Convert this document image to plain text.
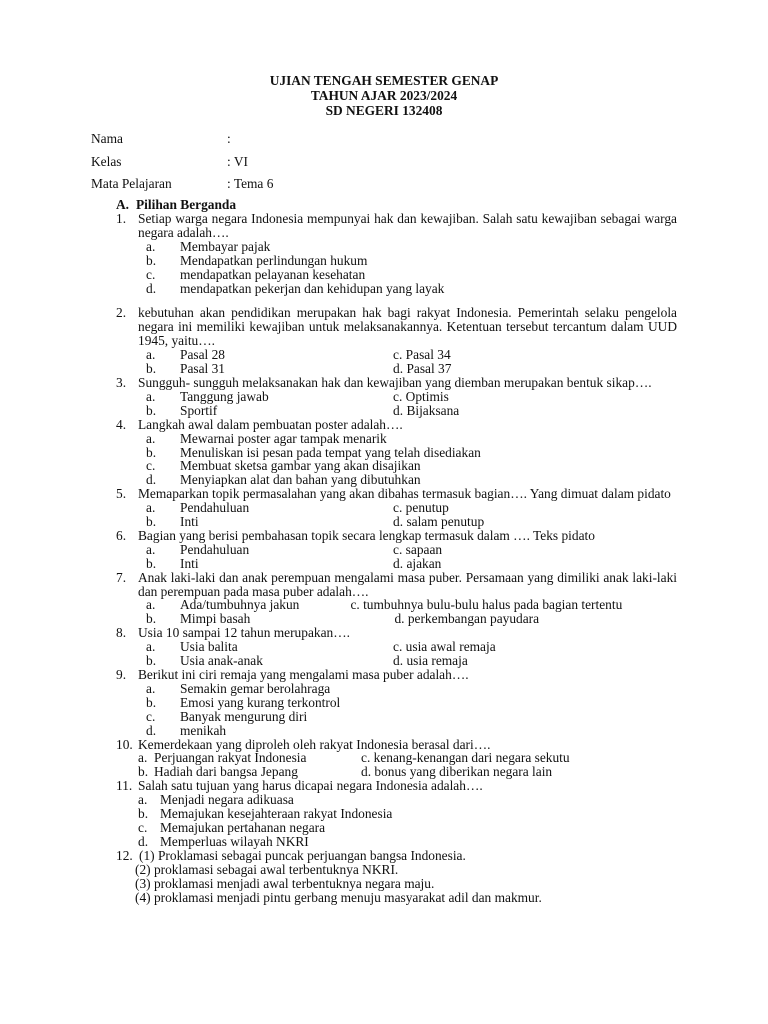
UJIAN TENGAH SEMESTER GENAP
TAHUN AJAR 2023/2024
SD NEGERI 132408
Nama	:
Kelas	: VI
Mata Pelajaran	: Tema 6
A. Pilihan Berganda
1. Setiap warga negara Indonesia mempunyai hak dan kewajiban. Salah satu kewajiban sebagai warga negara adalah….
a.	Membayar pajak
b.	Mendapatkan perlindungan hukum
c.	mendapatkan pelayanan kesehatan
d.	mendapatkan pekerjan dan kehidupan yang layak
2. kebutuhan akan pendidikan merupakan hak bagi rakyat Indonesia. Pemerintah selaku pengelola negara ini memiliki kewajiban untuk melaksanakannya. Ketentuan tersebut tercantum dalam UUD 1945, yaitu….
a.	Pasal 28	c. Pasal 34
b.	Pasal 31	d. Pasal 37
3. Sungguh- sungguh melaksanakan hak dan kewajiban yang diemban merupakan bentuk sikap….
a.	Tanggung jawab	c. Optimis
b.	Sportif	d. Bijaksana
4. Langkah awal dalam pembuatan poster adalah….
a.	Mewarnai poster agar tampak menarik
b.	Menuliskan isi pesan pada tempat yang telah disediakan
c.	Membuat sketsa gambar yang akan disajikan
d.	Menyiapkan alat dan bahan yang dibutuhkan
5. Memaparkan topik permasalahan yang akan dibahas termasuk bagian…. Yang dimuat dalam pidato
a.	Pendahuluan	c. penutup
b.	Inti	d. salam penutup
6. Bagian yang berisi pembahasan topik secara lengkap termasuk dalam …. Teks pidato
a.	Pendahuluan	c. sapaan
b.	Inti	d. ajakan
7. Anak laki-laki dan anak perempuan mengalami masa puber. Persamaan yang dimiliki anak laki-laki dan perempuan pada masa puber adalah….
a.	Ada/tumbuhnya jakun	c. tumbuhnya bulu-bulu halus pada bagian tertentu
b.	Mimpi basah	d. perkembangan payudara
8. Usia 10 sampai 12 tahun merupakan….
a.	Usia balita	c. usia awal remaja
b.	Usia anak-anak	d. usia remaja
9. Berikut ini ciri remaja yang mengalami masa puber adalah….
a.	Semakin gemar berolahraga
b.	Emosi yang kurang terkontrol
c.	Banyak mengurung diri
d.	menikah
10. Kemerdekaan yang diproleh oleh rakyat Indonesia berasal dari….
a. Perjuangan rakyat Indonesia	c. kenang-kenangan dari negara sekutu
b. Hadiah dari bangsa Jepang	d. bonus yang diberikan negara lain
11. Salah satu tujuan yang harus dicapai negara Indonesia adalah….
a. Menjadi negara adikuasa
b. Memajukan kesejahteraan rakyat Indonesia
c. Memajukan pertahanan negara
d. Memperluas wilayah NKRI
12. (1) Proklamasi sebagai puncak perjuangan bangsa Indonesia.
(2) proklamasi sebagai awal terbentuknya NKRI.
(3) proklamasi menjadi awal terbentuknya negara maju.
(4) proklamasi menjadi pintu gerbang menuju masyarakat adil dan makmur.
